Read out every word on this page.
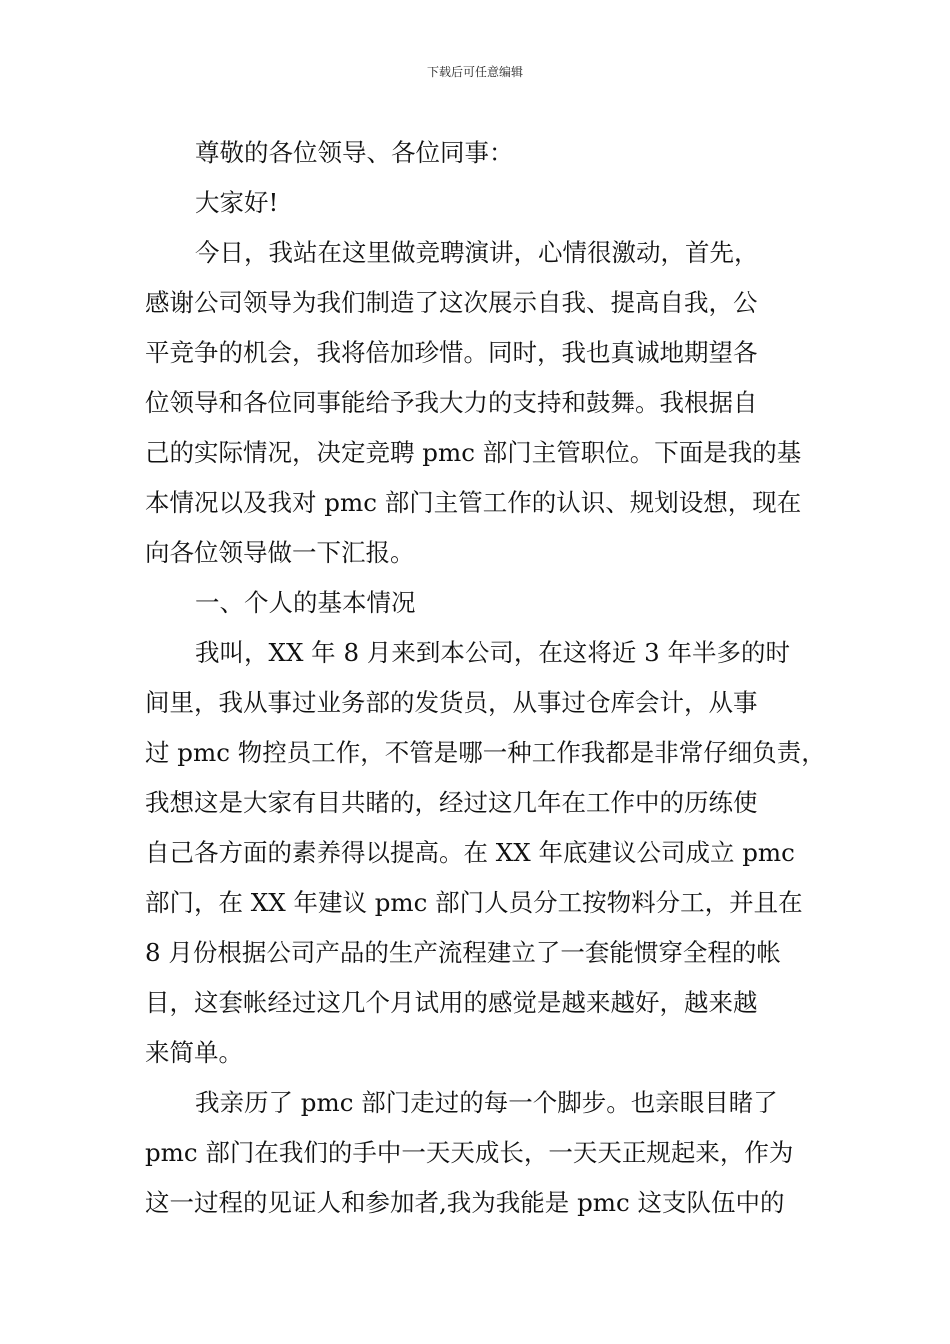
下载后可任意编辑
尊敬的各位领导、各位同事：
大家好!
今日，我站在这里做竞聘演讲，心情很激动，首先，
感谢公司领导为我们制造了这次展示自我、提高自我，公
平竞争的机会，我将倍加珍惜。同时，我也真诚地期望各
位领导和各位同事能给予我大力的支持和鼓舞。我根据自
己的实际情况，决定竞聘 pmc 部门主管职位。下面是我的基
本情况以及我对 pmc 部门主管工作的认识、规划设想，现在
向各位领导做一下汇报。
一、个人的基本情况
我叫，XX 年 8 月来到本公司，在这将近 3 年半多的时
间里，我从事过业务部的发货员，从事过仓库会计，从事
过 pmc 物控员工作，不管是哪一种工作我都是非常仔细负责，
我想这是大家有目共睹的，经过这几年在工作中的历练使
自己各方面的素养得以提高。在 XX 年底建议公司成立 pmc
部门，在 XX 年建议 pmc 部门人员分工按物料分工，并且在
8 月份根据公司产品的生产流程建立了一套能惯穿全程的帐
目，这套帐经过这几个月试用的感觉是越来越好，越来越
来简单。
我亲历了 pmc 部门走过的每一个脚步。也亲眼目睹了
pmc 部门在我们的手中一天天成长，一天天正规起来，作为
这一过程的见证人和参加者,我为我能是 pmc 这支队伍中的
